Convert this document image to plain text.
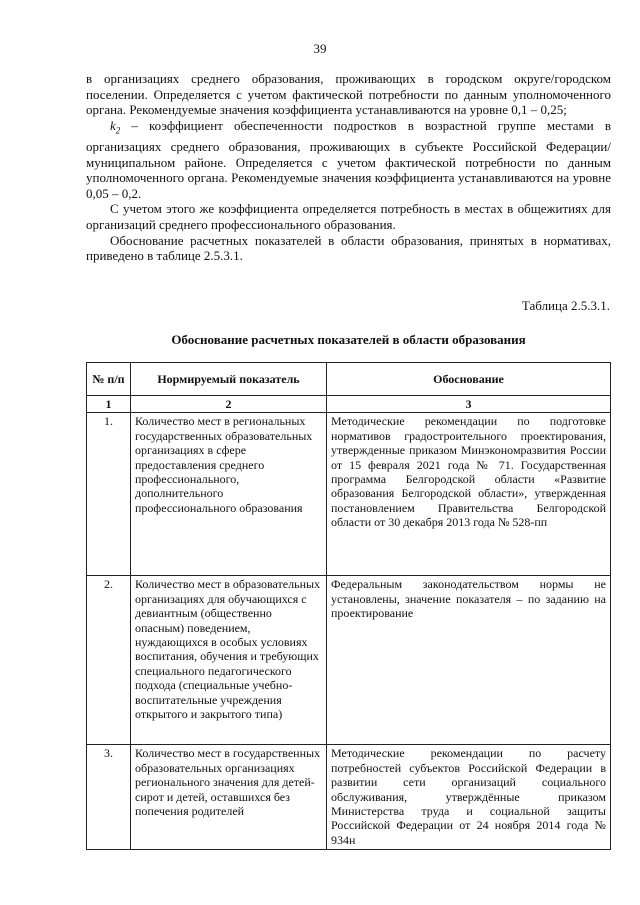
39

в организациях среднего образования, проживающих в городском округе/городском поселении. Определяется с учетом фактической потребности по данным уполномоченного органа. Рекомендуемые значения коэффициента устанавливаются на уровне 0,1 – 0,25;

$k_2$ – коэффициент обеспеченности подростков в возрастной группе местами в организациях среднего образования, проживающих в субъекте Российской Федерации/муниципальном районе. Определяется с учетом фактической потребности по данным уполномоченного органа. Рекомендуемые значения коэффициента устанавливаются на уровне 0,05 – 0,2.

С учетом этого же коэффициента определяется потребность в местах в общежитиях для организаций среднего профессионального образования.

Обоснование расчетных показателей в области образования, принятых в нормативах, приведено в таблице 2.5.3.1.

Таблица 2.5.3.1.
Обоснование расчетных показателей в области образования
№ п/п	Нормируемый показатель	Обоснование
1	2	3
1.	Количество мест в региональных государственных образовательных организациях в сфере предоставления среднего профессионального, дополнительного профессионального образования	Методические рекомендации по подготовке нормативов градостроительного проектирования, утвержденные приказом Минэкономразвития России от 15 февраля 2021 года № 71. Государственная программа Белгородской области «Развитие образования Белгородской области», утвержденная постановлением Правительства Белгородской области от 30 декабря 2013 года № 528-пп
2.	Количество мест в образовательных организациях для обучающихся с девиантным (общественно опасным) поведением, нуждающихся в особых условиях воспитания, обучения и требующих специального педагогического подхода (специальные учебно-воспитательные учреждения открытого и закрытого типа)	Федеральным законодательством нормы не установлены, значение показателя – по заданию на проектирование
3.	Количество мест в государственных образовательных организациях регионального значения для детей-сирот и детей, оставшихся без попечения родителей	Методические рекомендации по расчету потребностей субъектов Российской Федерации в развитии сети организаций социального обслуживания, утверждённые приказом Министерства труда и социальной защиты Российской Федерации от 24 ноября 2014 года № 934н
